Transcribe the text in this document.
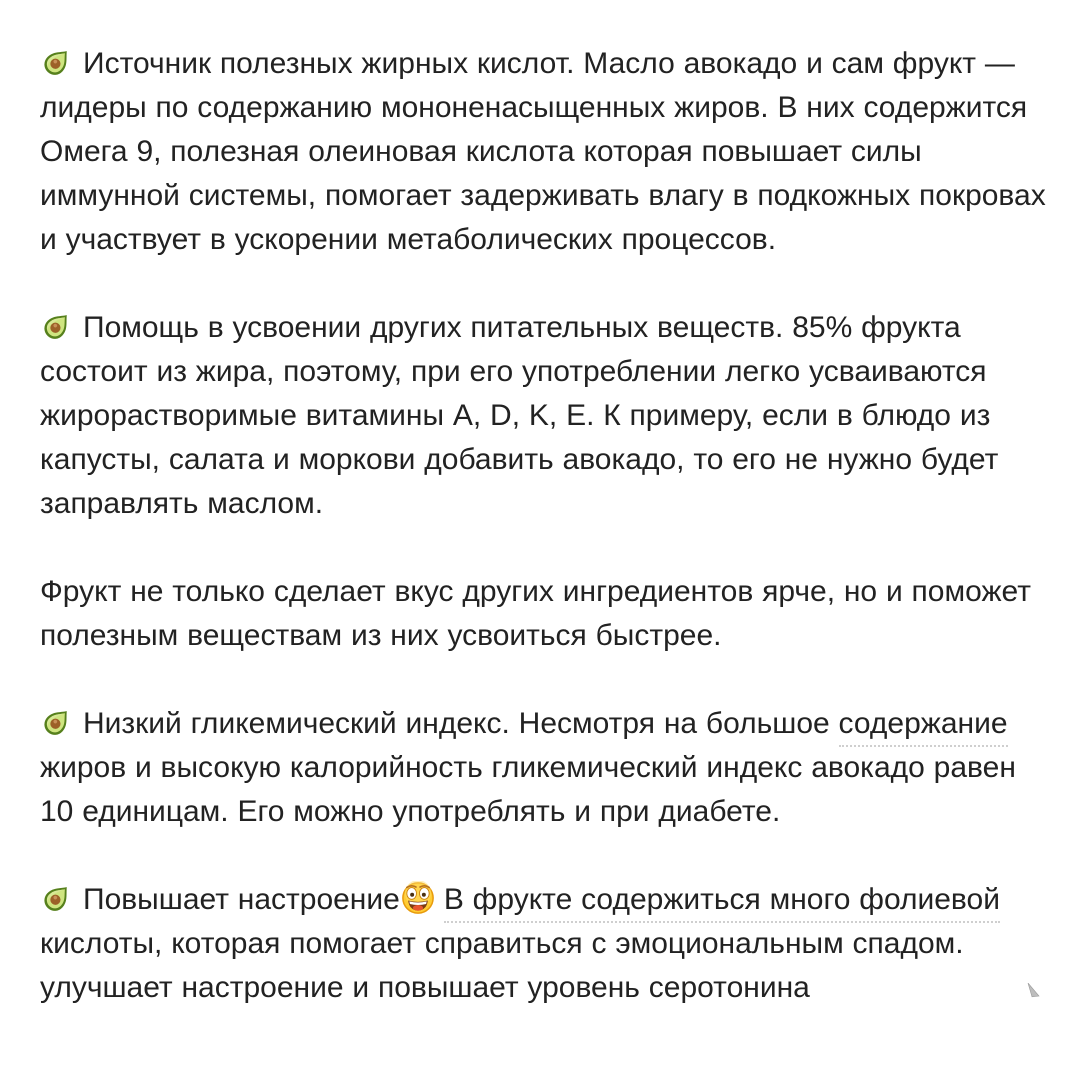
Источник полезных жирных кислот. Масло авокадо и сам фрукт — лидеры по содержанию мононенасыщенных жиров. В них содержится Омега 9, полезная олеиновая кислота которая повышает силы иммунной системы, помогает задерживать влагу в подкожных покровах и участвует в ускорении метаболических процессов.

Помощь в усвоении других питательных веществ. 85% фрукта состоит из жира, поэтому, при его употреблении легко усваиваются жирорастворимые витамины A, D, K, E. К примеру, если в блюдо из капусты, салата и моркови добавить авокадо, то его не нужно будет заправлять маслом.

Фрукт не только сделает вкус других ингредиентов ярче, но и поможет полезным веществам из них усвоиться быстрее.

Низкий гликемический индекс. Несмотря на большое содержание жиров и высокую калорийность гликемический индекс авокадо равен 10 единицам. Его можно употреблять и при диабете.

Повышает настроение В фрукте содержиться много фолиевой кислоты, которая помогает справиться с эмоциональным спадом. улучшает настроение и повышает уровень серотонина
